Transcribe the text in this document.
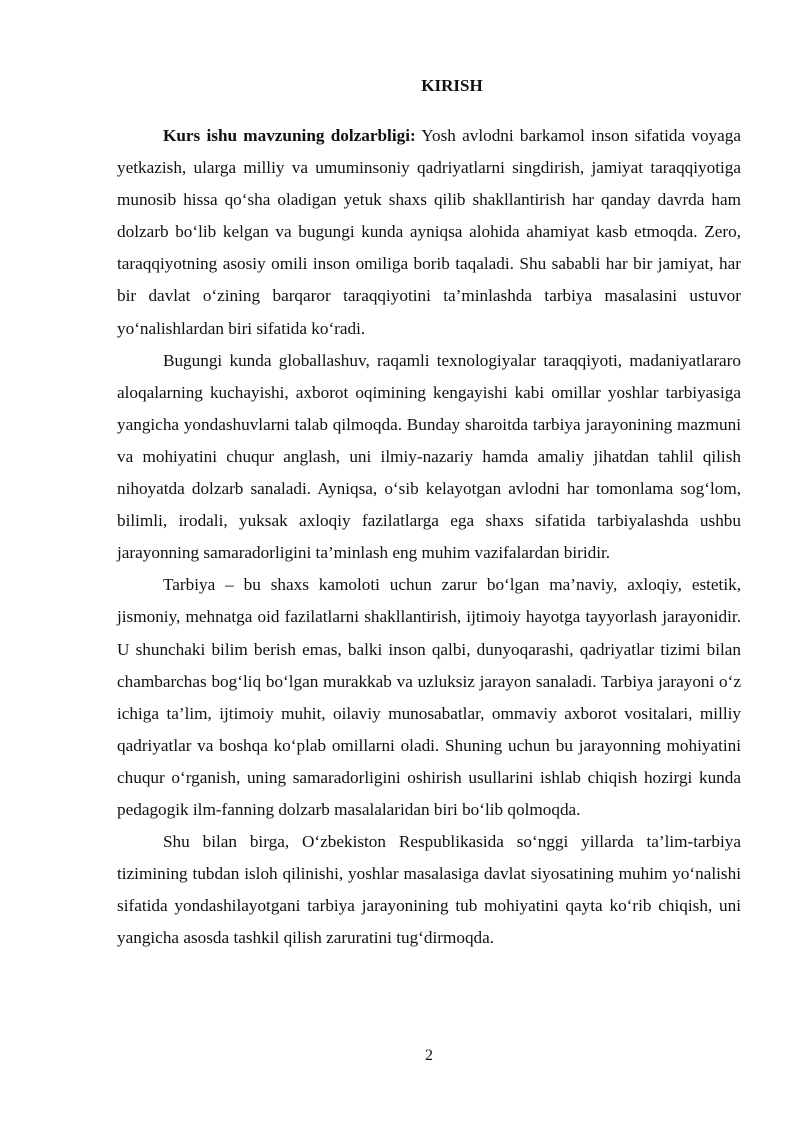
KIRISH

Kurs ishu mavzuning dolzarbligi: Yosh avlodni barkamol inson sifatida voyaga yetkazish, ularga milliy va umuminsoniy qadriyatlarni singdirish, jamiyat taraqqiyotiga munosib hissa qo‘sha oladigan yetuk shaxs qilib shakllantirish har qanday davrda ham dolzarb bo‘lib kelgan va bugungi kunda ayniqsa alohida ahamiyat kasb etmoqda. Zero, taraqqiyotning asosiy omili inson omiliga borib taqaladi. Shu sababli har bir jamiyat, har bir davlat o‘zining barqaror taraqqiyotini ta’minlashda tarbiya masalasini ustuvor yo‘nalishlardan biri sifatida ko‘radi.

Bugungi kunda globallashuv, raqamli texnologiyalar taraqqiyoti, madaniyatlararo aloqalarning kuchayishi, axborot oqimining kengayishi kabi omillar yoshlar tarbiyasiga yangicha yondashuvlarni talab qilmoqda. Bunday sharoitda tarbiya jarayonining mazmuni va mohiyatini chuqur anglash, uni ilmiy-nazariy hamda amaliy jihatdan tahlil qilish nihoyatda dolzarb sanaladi. Ayniqsa, o‘sib kelayotgan avlodni har tomonlama sog‘lom, bilimli, irodali, yuksak axloqiy fazilatlarga ega shaxs sifatida tarbiyalashda ushbu jarayonning samaradorligini ta’minlash eng muhim vazifalardan biridir.

Tarbiya – bu shaxs kamoloti uchun zarur bo‘lgan ma’naviy, axloqiy, estetik, jismoniy, mehnatga oid fazilatlarni shakllantirish, ijtimoiy hayotga tayyorlash jarayonidir. U shunchaki bilim berish emas, balki inson qalbi, dunyoqarashi, qadriyatlar tizimi bilan chambarchas bog‘liq bo‘lgan murakkab va uzluksiz jarayon sanaladi. Tarbiya jarayoni o‘z ichiga ta’lim, ijtimoiy muhit, oilaviy munosabatlar, ommaviy axborot vositalari, milliy qadriyatlar va boshqa ko‘plab omillarni oladi. Shuning uchun bu jarayonning mohiyatini chuqur o‘rganish, uning samaradorligini oshirish usullarini ishlab chiqish hozirgi kunda pedagogik ilm-fanning dolzarb masalalaridan biri bo‘lib qolmoqda.

Shu bilan birga, O‘zbekiston Respublikasida so‘nggi yillarda ta’lim-tarbiya tizimining tubdan isloh qilinishi, yoshlar masalasiga davlat siyosatining muhim yo‘nalishi sifatida yondashilayotgani tarbiya jarayonining tub mohiyatini qayta ko‘rib chiqish, uni yangicha asosda tashkil qilish zaruratini tug‘dirmoqda.

2
